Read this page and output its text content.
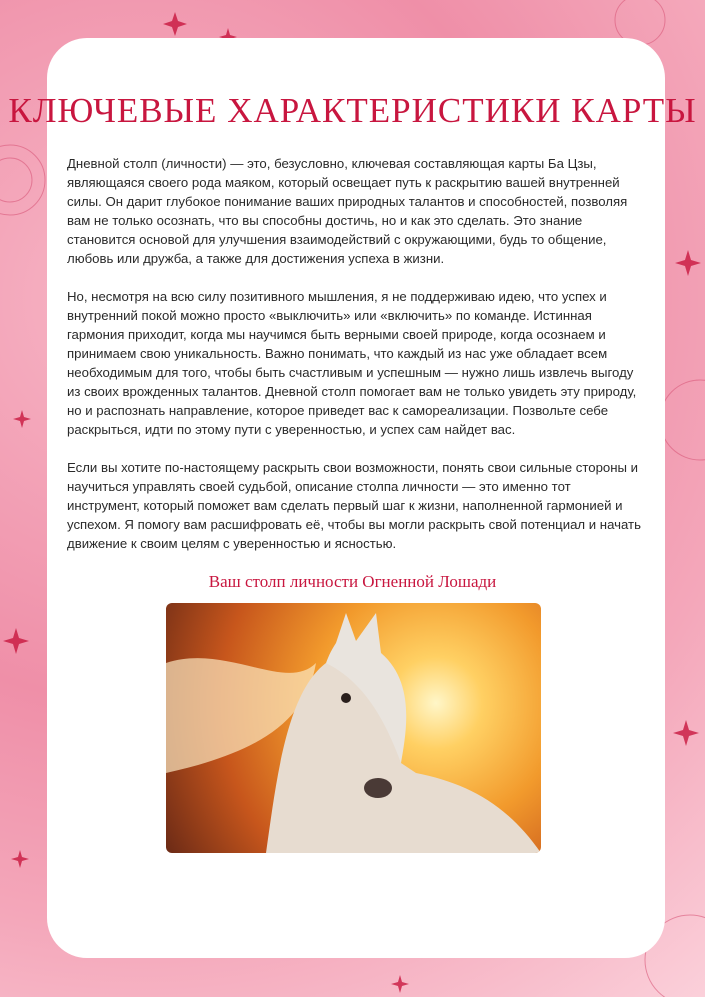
КЛЮЧЕВЫЕ ХАРАКТЕРИСТИКИ КАРТЫ

Дневной столп (личности) — это, безусловно, ключевая составляющая карты Ба Цзы, являющаяся своего рода маяком, который освещает путь к раскрытию вашей внутренней силы. Он дарит глубокое понимание ваших природных талантов и способностей, позволяя вам не только осознать, что вы способны достичь, но и как это сделать. Это знание становится основой для улучшения взаимодействий с окружающими, будь то общение, любовь или дружба, а также для достижения успеха в жизни.

Но, несмотря на всю силу позитивного мышления, я не поддерживаю идею, что успех и внутренний покой можно просто «выключить» или «включить» по команде. Истинная гармония приходит, когда мы научимся быть верными своей природе, когда осознаем и принимаем свою уникальность. Важно понимать, что каждый из нас уже обладает всем необходимым для того, чтобы быть счастливым и успешным — нужно лишь извлечь выгоду из своих врожденных талантов. Дневной столп помогает вам не только увидеть эту природу, но и распознать направление, которое приведет вас к самореализации. Позвольте себе раскрыться, идти по этому пути с уверенностью, и успех сам найдет вас.

Если вы хотите по-настоящему раскрыть свои возможности, понять свои сильные стороны и научиться управлять своей судьбой, описание столпа личности — это именно тот инструмент, который поможет вам сделать первый шаг к жизни, наполненной гармонией и успехом. Я помогу вам расшифровать её, чтобы вы могли раскрыть свой потенциал и начать движение к своим целям с уверенностью и ясностью.

Ваш столп личности Огненной Лошади
